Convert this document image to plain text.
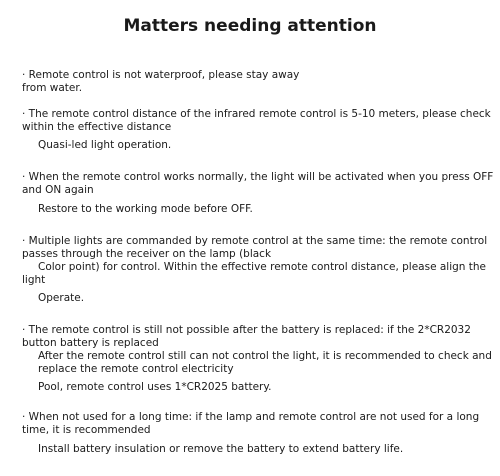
Matters needing attention
· Remote control is not waterproof, please stay away
from water.
· The remote control distance of the infrared remote control is 5-10 meters, please check
within the effective distance
Quasi-led light operation.
· When the remote control works normally, the light will be activated when you press OFF
and ON again
Restore to the working mode before OFF.
· Multiple lights are commanded by remote control at the same time: the remote control
passes through the receiver on the lamp (black
Color point) for control. Within the effective remote control distance, please align the
light
Operate.
· The remote control is still not possible after the battery is replaced: if the 2*CR2032
button battery is replaced
After the remote control still can not control the light, it is recommended to check and
replace the remote control electricity
Pool, remote control uses 1*CR2025 battery.
· When not used for a long time: if the lamp and remote control are not used for a long
time, it is recommended
Install battery insulation or remove the battery to extend battery life.
